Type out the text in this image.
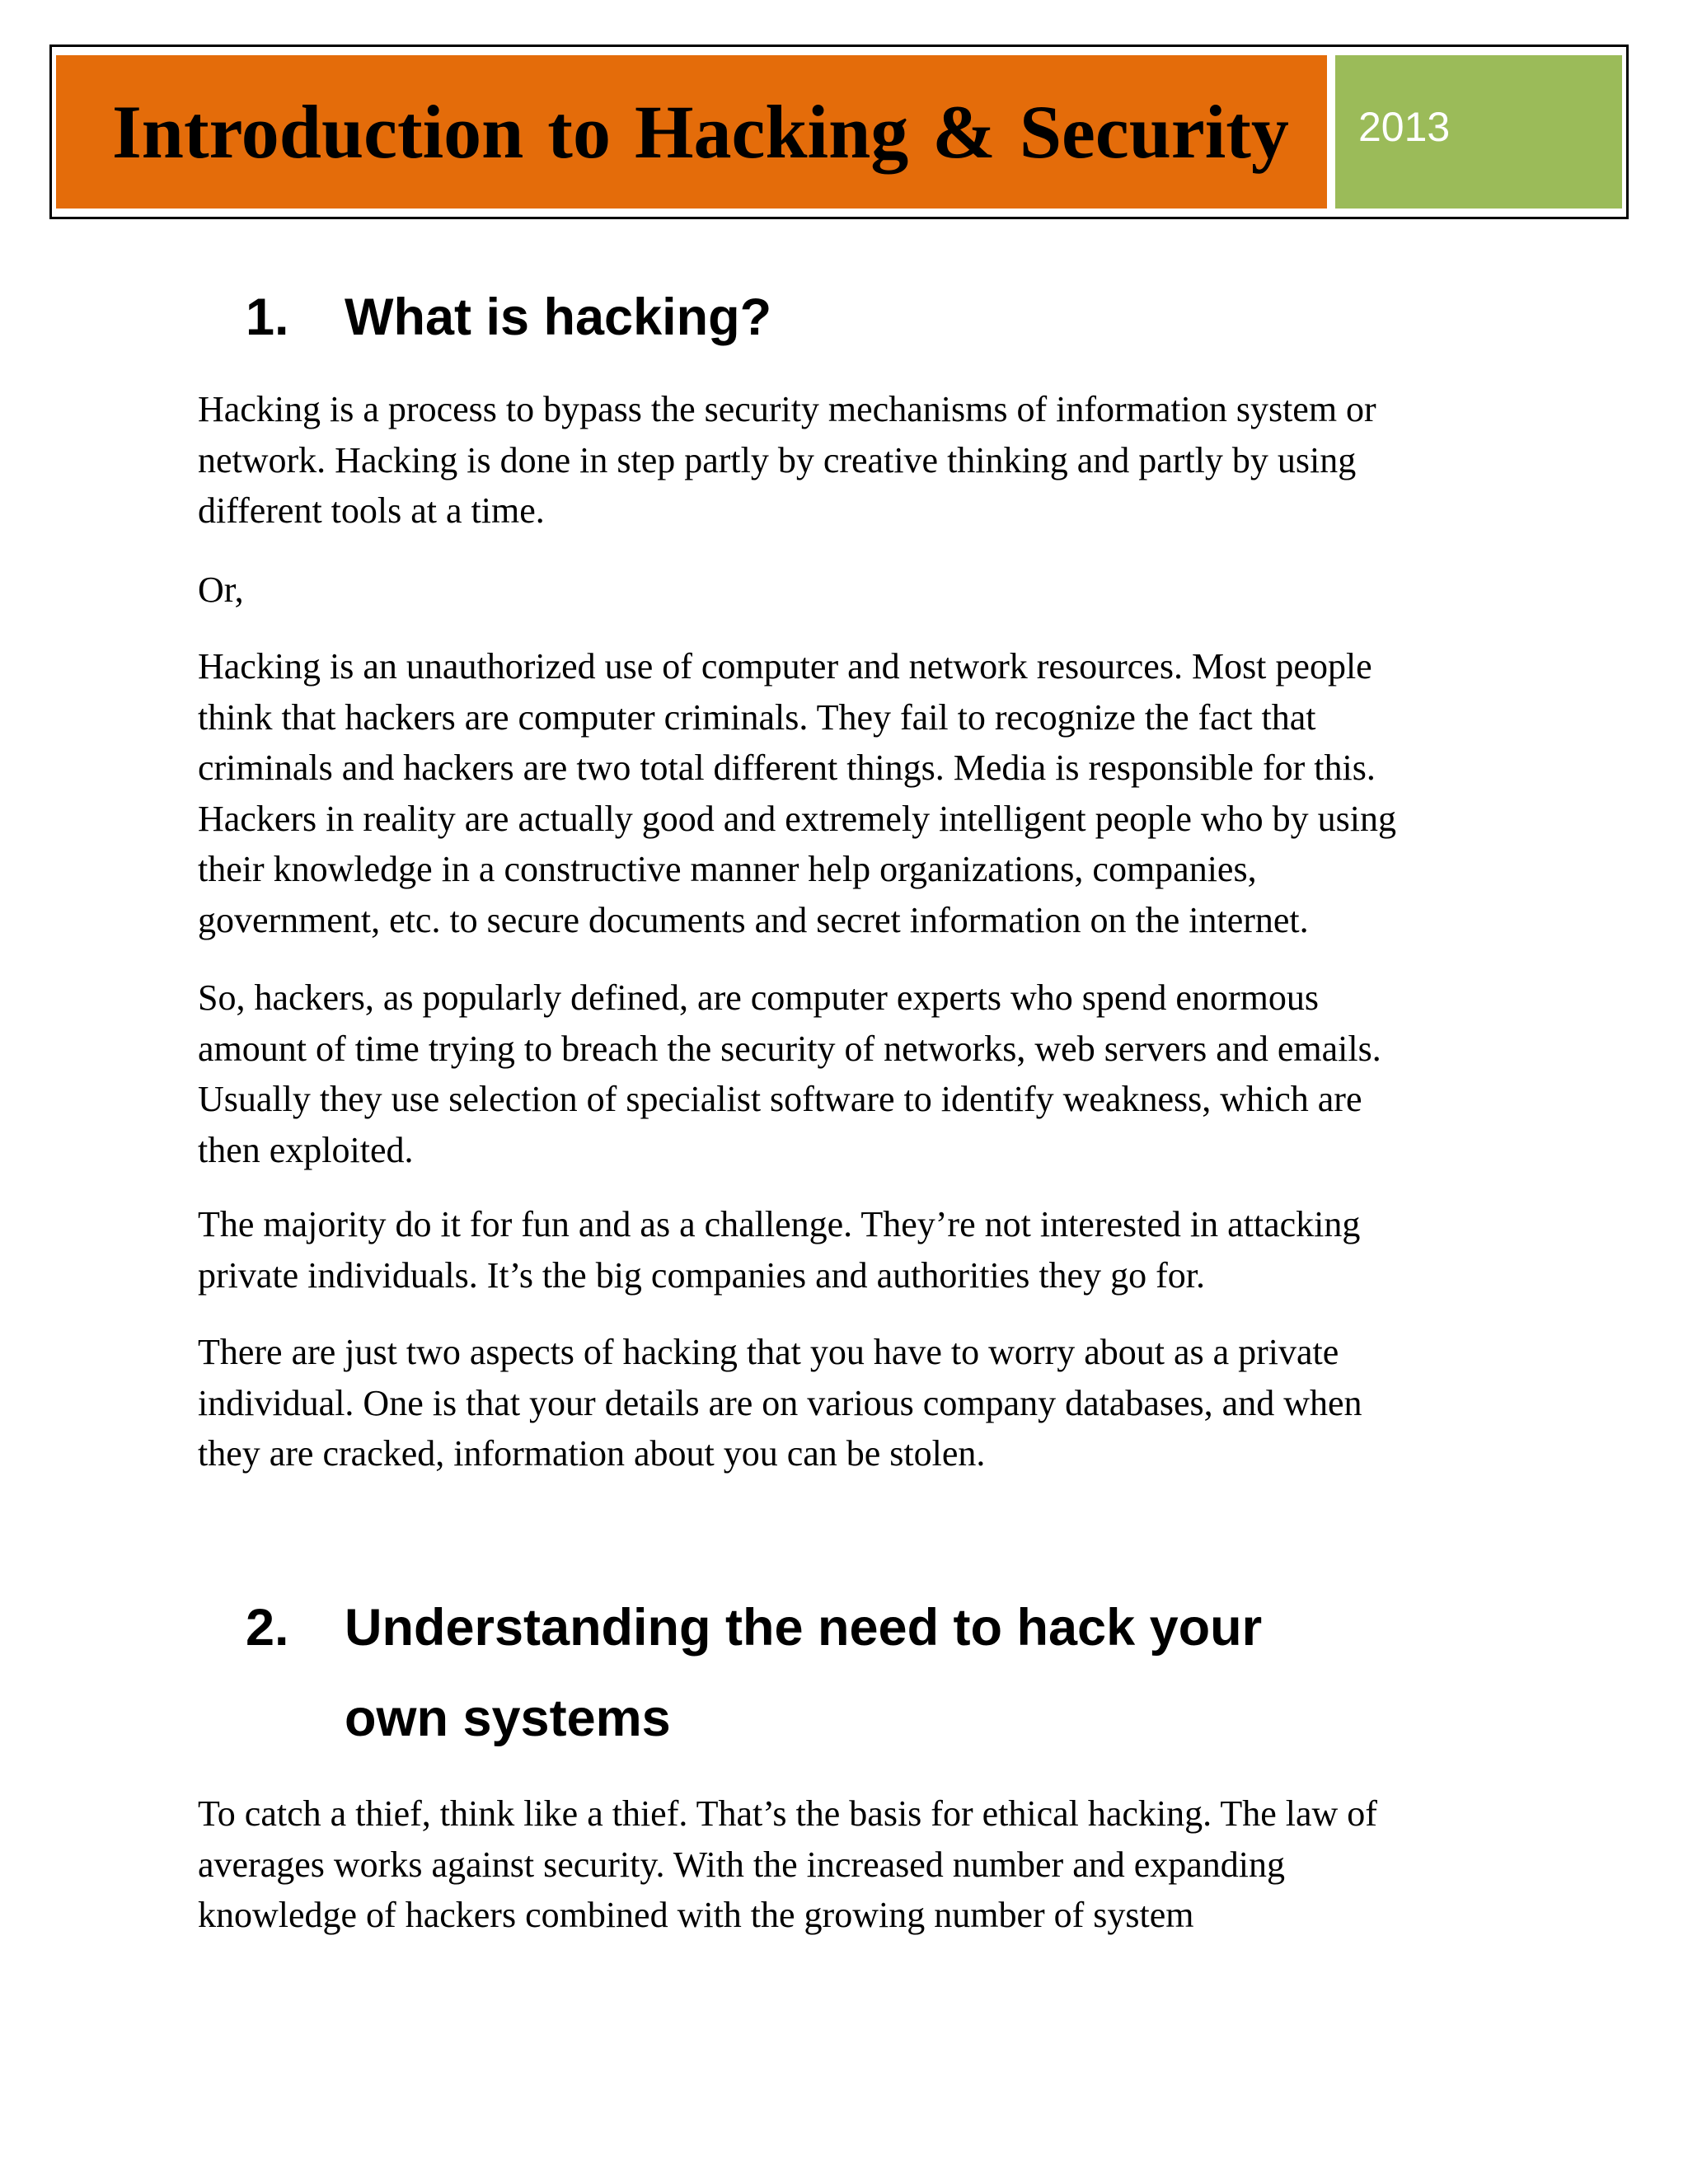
Introduction to Hacking & Security 2013
1. What is hacking?
Hacking is a process to bypass the security mechanisms of information system or
network. Hacking is done in step partly by creative thinking and partly by using
different tools at a time.
Or,
Hacking is an unauthorized use of computer and network resources. Most people
think that hackers are computer criminals. They fail to recognize the fact that
criminals and hackers are two total different things. Media is responsible for this.
Hackers in reality are actually good and extremely intelligent people who by using
their knowledge in a constructive manner help organizations, companies,
government, etc. to secure documents and secret information on the internet.
So, hackers, as popularly defined, are computer experts who spend enormous
amount of time trying to breach the security of networks, web servers and emails.
Usually they use selection of specialist software to identify weakness, which are
then exploited.
The majority do it for fun and as a challenge. They’re not interested in attacking
private individuals. It’s the big companies and authorities they go for.
There are just two aspects of hacking that you have to worry about as a private
individual. One is that your details are on various company databases, and when
they are cracked, information about you can be stolen.
2. Understanding the need to hack your
own systems
To catch a thief, think like a thief. That’s the basis for ethical hacking. The law of
averages works against security. With the increased number and expanding
knowledge of hackers combined with the growing number of system
